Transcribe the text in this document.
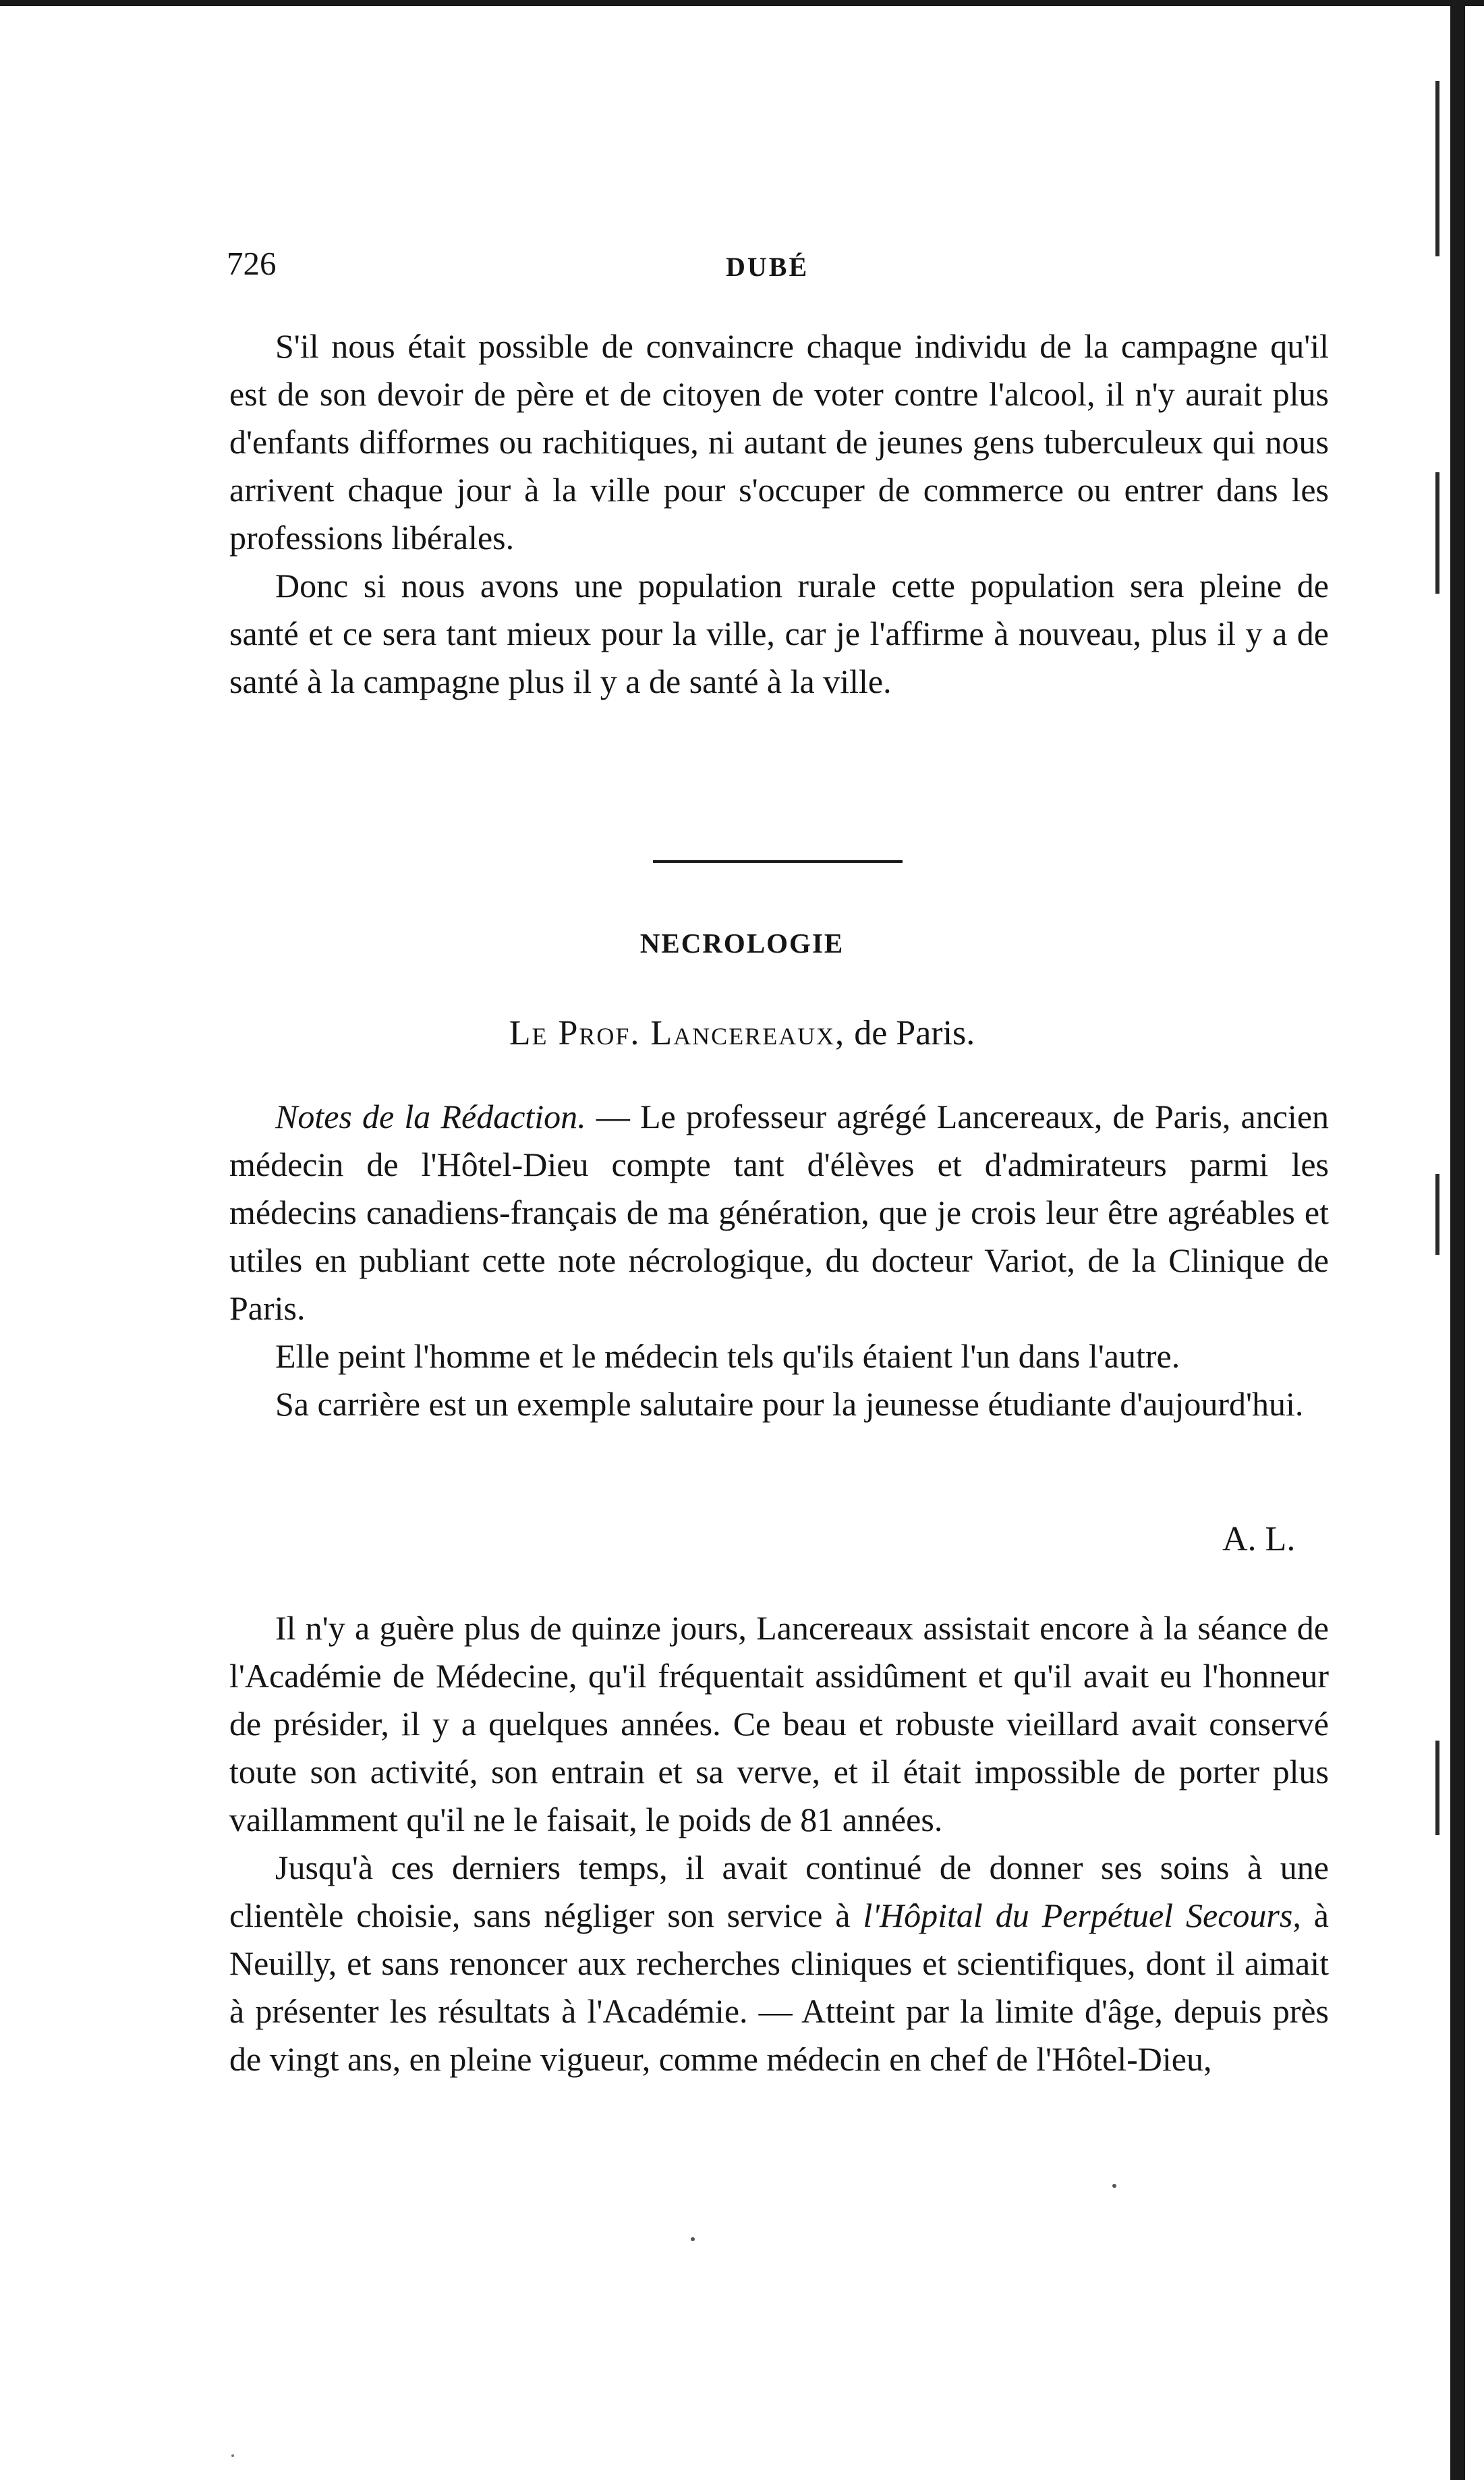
726	DUBÉ

S'il nous était possible de convaincre chaque individu de la campagne qu'il est de son devoir de père et de citoyen de voter contre l'alcool, il n'y aurait plus d'enfants difformes ou rachitiques, ni autant de jeunes gens tuberculeux qui nous arrivent chaque jour à la ville pour s'occuper de commerce ou entrer dans les professions libérales.

Donc si nous avons une population rurale cette population sera pleine de santé et ce sera tant mieux pour la ville, car je l'affirme à nouveau, plus il y a de santé à la campagne plus il y a de santé à la ville.

NECROLOGIE
Le Prof. Lancereaux, de Paris.

Notes de la Rédaction. — Le professeur agrégé Lancereaux, de Paris, ancien médecin de l'Hôtel-Dieu compte tant d'élèves et d'admirateurs parmi les médecins canadiens-français de ma génération, que je crois leur être agréables et utiles en publiant cette note nécrologique, du docteur Variot, de la Clinique de Paris.

Elle peint l'homme et le médecin tels qu'ils étaient l'un dans l'autre.

Sa carrière est un exemple salutaire pour la jeunesse étudiante d'aujourd'hui.

A. L.

Il n'y a guère plus de quinze jours, Lancereaux assistait encore à la séance de l'Académie de Médecine, qu'il fréquentait assidûment et qu'il avait eu l'honneur de présider, il y a quelques années. Ce beau et robuste vieillard avait conservé toute son activité, son entrain et sa verve, et il était impossible de porter plus vaillamment qu'il ne le faisait, le poids de 81 années.

Jusqu'à ces derniers temps, il avait continué de donner ses soins à une clientèle choisie, sans négliger son service à l'Hôpital du Perpétuel Secours, à Neuilly, et sans renoncer aux recherches cliniques et scientifiques, dont il aimait à présenter les résultats à l'Académie. — Atteint par la limite d'âge, depuis près de vingt ans, en pleine vigueur, comme médecin en chef de l'Hôtel-Dieu,
